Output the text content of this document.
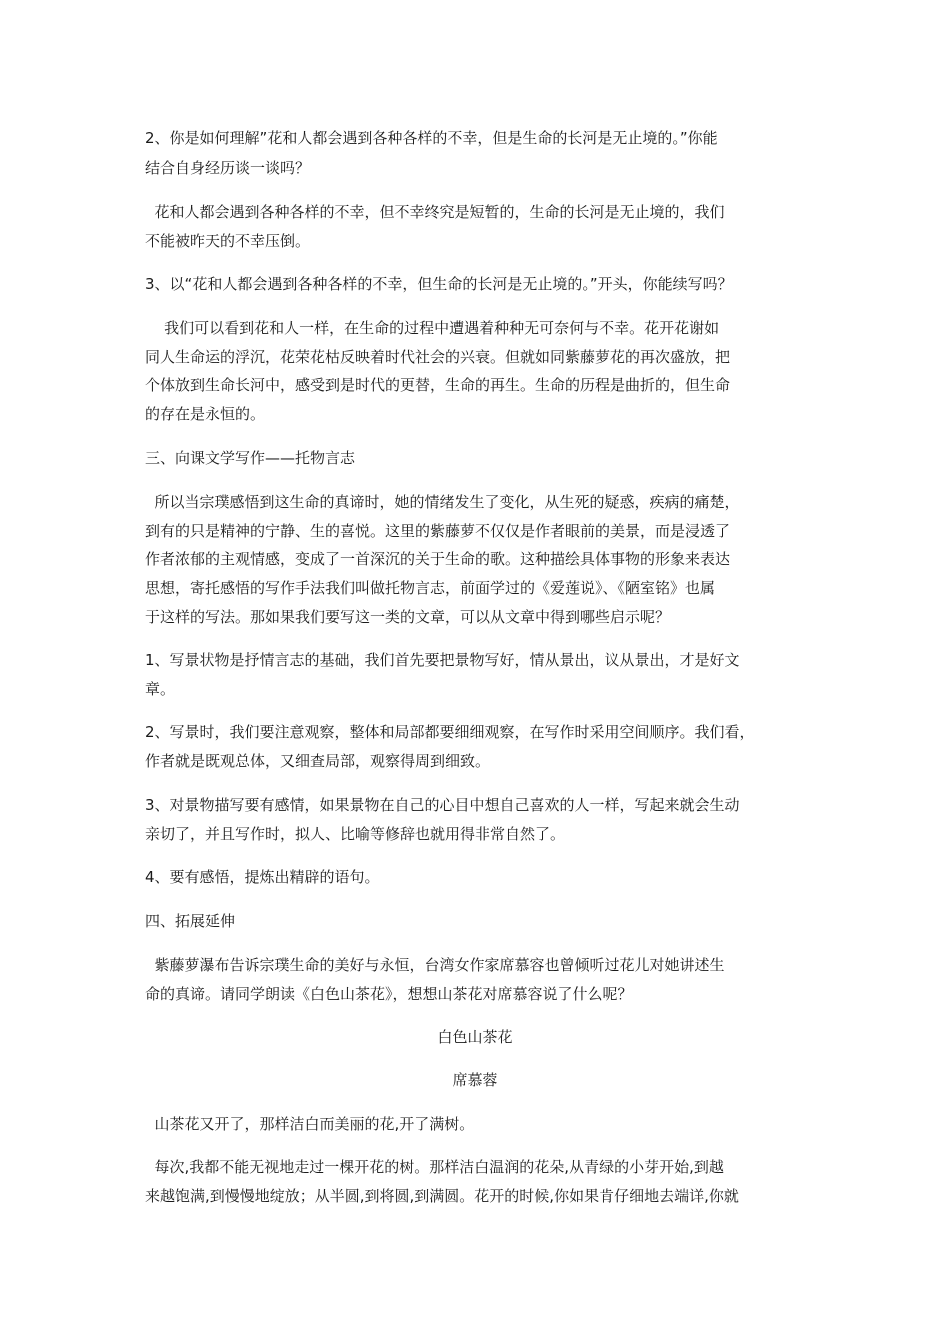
2、你是如何理解”花和人都会遇到各种各样的不幸，但是生命的长河是无止境的。”你能

结合自身经历谈一谈吗？

花和人都会遇到各种各样的不幸，但不幸终究是短暂的，生命的长河是无止境的，我们

不能被昨天的不幸压倒。

3、以“花和人都会遇到各种各样的不幸，但生命的长河是无止境的。”开头，你能续写吗？

我们可以看到花和人一样，在生命的过程中遭遇着种种无可奈何与不幸。花开花谢如

同人生命运的浮沉，花荣花枯反映着时代社会的兴衰。但就如同紫藤萝花的再次盛放，把

个体放到生命长河中，感受到是时代的更替，生命的再生。生命的历程是曲折的，但生命

的存在是永恒的。

三、向课文学写作——托物言志

所以当宗璞感悟到这生命的真谛时，她的情绪发生了变化，从生死的疑惑，疾病的痛楚，

到有的只是精神的宁静、生的喜悦。这里的紫藤萝不仅仅是作者眼前的美景，而是浸透了

作者浓郁的主观情感，变成了一首深沉的关于生命的歌。这种描绘具体事物的形象来表达

思想，寄托感悟的写作手法我们叫做托物言志，前面学过的《爱莲说》、《陋室铭》也属

于这样的写法。那如果我们要写这一类的文章，可以从文章中得到哪些启示呢？

1、写景状物是抒情言志的基础，我们首先要把景物写好，情从景出，议从景出，才是好文

章。

2、写景时，我们要注意观察，整体和局部都要细细观察，在写作时采用空间顺序。我们看，

作者就是既观总体，又细查局部，观察得周到细致。

3、对景物描写要有感情，如果景物在自己的心目中想自己喜欢的人一样，写起来就会生动

亲切了，并且写作时，拟人、比喻等修辞也就用得非常自然了。

4、要有感悟，提炼出精辟的语句。

四、拓展延伸

紫藤萝瀑布告诉宗璞生命的美好与永恒，台湾女作家席慕容也曾倾听过花儿对她讲述生

命的真谛。请同学朗读《白色山茶花》，想想山茶花对席慕容说了什么呢？

白色山茶花

席慕蓉

山茶花又开了，那样洁白而美丽的花,开了满树。

每次,我都不能无视地走过一棵开花的树。那样洁白温润的花朵,从青绿的小芽开始,到越

来越饱满,到慢慢地绽放；从半圆,到将圆,到满圆。花开的时候,你如果肯仔细地去端详,你就
